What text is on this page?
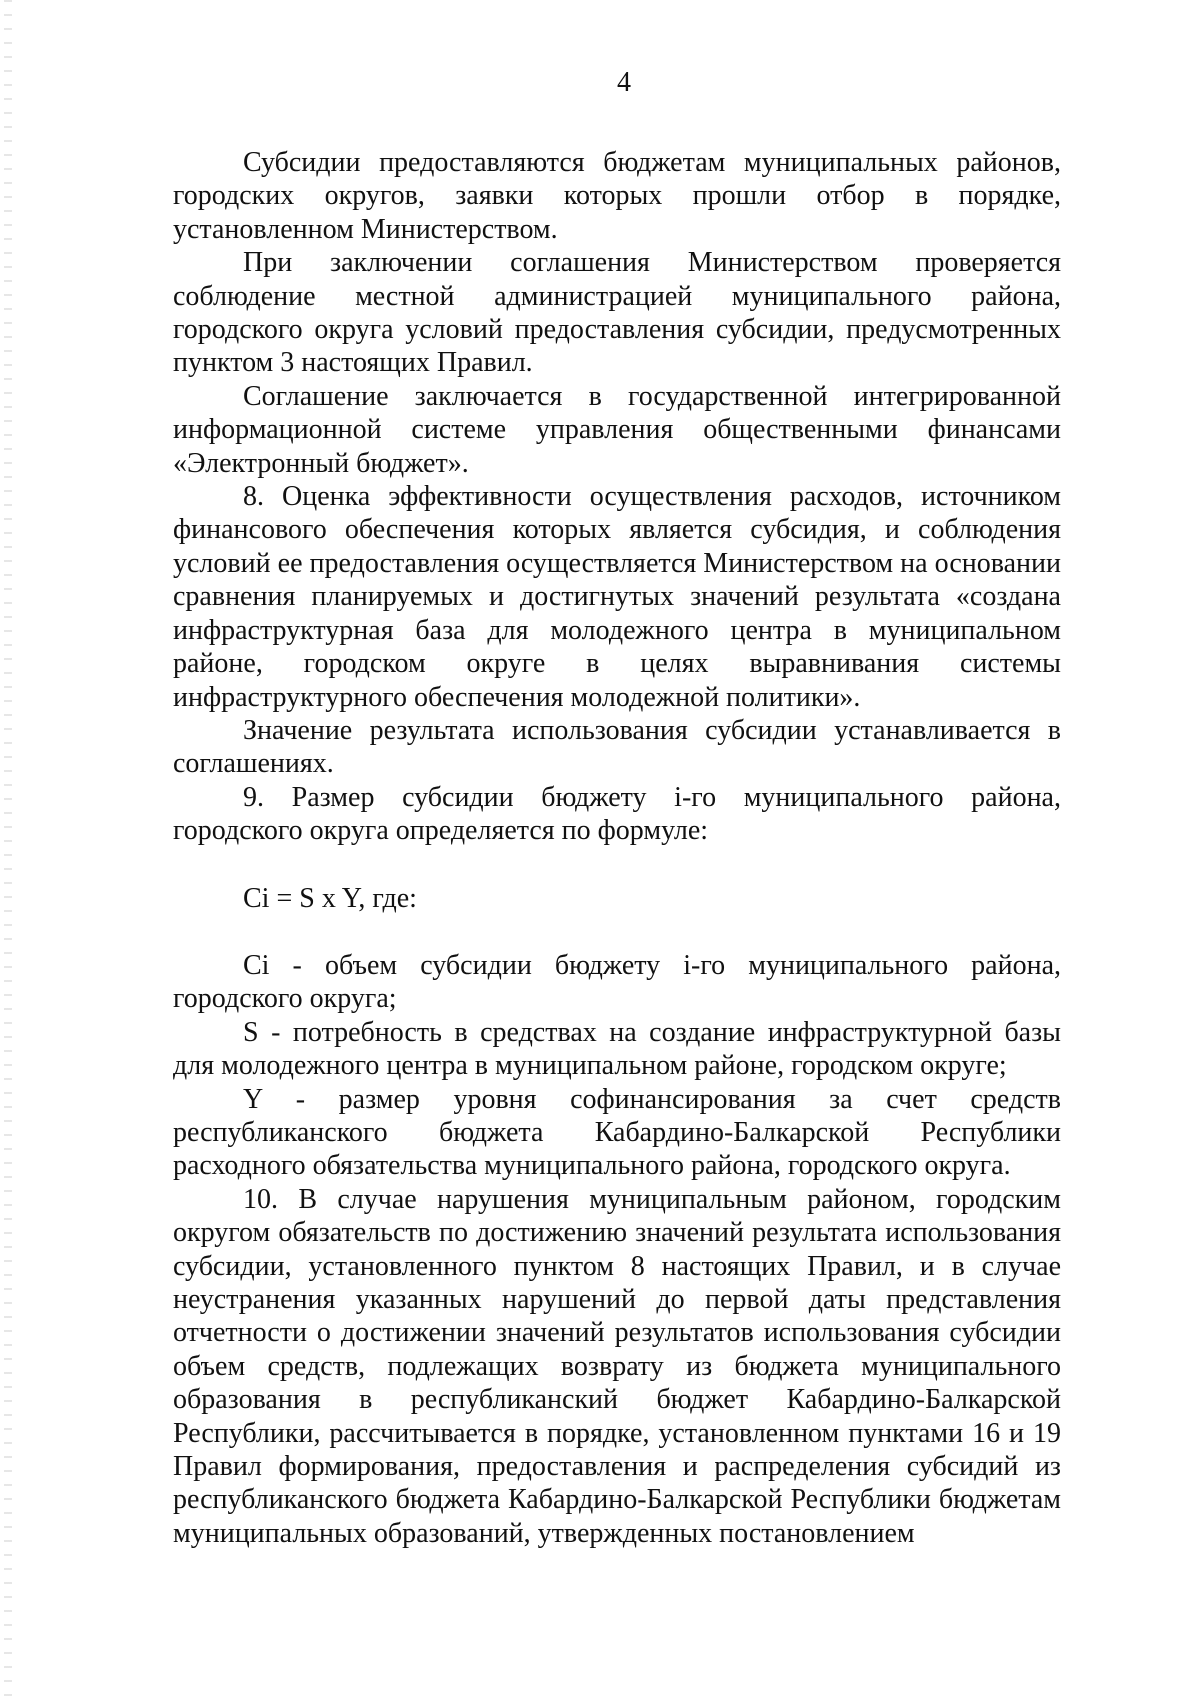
4

Субсидии предоставляются бюджетам муниципальных районов, городских округов, заявки которых прошли отбор в порядке, установленном Министерством.

При заключении соглашения Министерством проверяется соблюдение местной администрацией муниципального района, городского округа условий предоставления субсидии, предусмотренных пунктом 3 настоящих Правил.

Соглашение заключается в государственной интегрированной информационной системе управления общественными финансами «Электронный бюджет».

8. Оценка эффективности осуществления расходов, источником финансового обеспечения которых является субсидия, и соблюдения условий ее предоставления осуществляется Министерством на основании сравнения планируемых и достигнутых значений результата «создана инфраструктурная база для молодежного центра в муниципальном районе, городском округе в целях выравнивания системы инфраструктурного обеспечения молодежной политики».

Значение результата использования субсидии устанавливается в соглашениях.

9. Размер субсидии бюджету i-го муниципального района, городского округа определяется по формуле:

Ci = S x Y, где:

Ci - объем субсидии бюджету i-го муниципального района, городского округа;

S - потребность в средствах на создание инфраструктурной базы для молодежного центра в муниципальном районе, городском округе;

Y - размер уровня софинансирования за счет средств республиканского бюджета Кабардино-Балкарской Республики расходного обязательства муниципального района, городского округа.

10. В случае нарушения муниципальным районом, городским округом обязательств по достижению значений результата использования субсидии, установленного пунктом 8 настоящих Правил, и в случае неустранения указанных нарушений до первой даты представления отчетности о достижении значений результатов использования субсидии объем средств, подлежащих возврату из бюджета муниципального образования в республиканский бюджет Кабардино-Балкарской Республики, рассчитывается в порядке, установленном пунктами 16 и 19 Правил формирования, предоставления и распределения субсидий из республиканского бюджета Кабардино-Балкарской Республики бюджетам муниципальных образований, утвержденных постановлением
